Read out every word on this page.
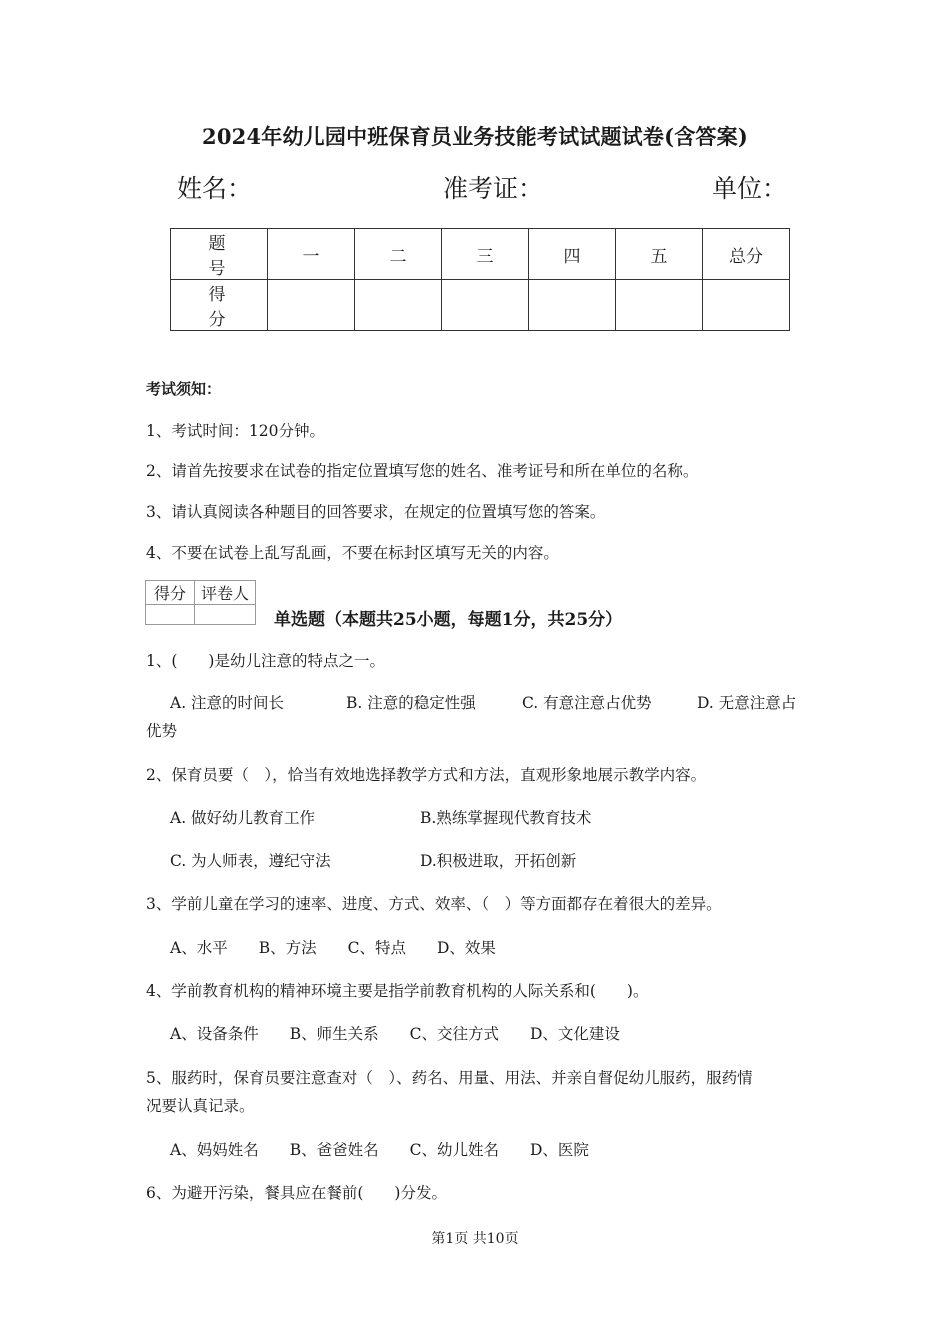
2024年幼儿园中班保育员业务技能考试试题试卷(含答案)
姓名：	准考证：	单位：
题　号	一	二	三	四	五	总分
得　分						
考试须知：
1、考试时间：120分钟。
2、请首先按要求在试卷的指定位置填写您的姓名、准考证号和所在单位的名称。
3、请认真阅读各种题目的回答要求，在规定的位置填写您的答案。
4、不要在试卷上乱写乱画，不要在标封区填写无关的内容。
得分	评卷人

单选题（本题共25小题，每题1分，共25分）
1、(　　)是幼儿注意的特点之一。
A. 注意的时间长	B. 注意的稳定性强	C. 有意注意占优势	D. 无意注意占
优势
2、保育员要（　），恰当有效地选择教学方式和方法，直观形象地展示教学内容。
A. 做好幼儿教育工作	B.熟练掌握现代教育技术
C. 为人师表，遵纪守法	D.积极进取，开拓创新
3、学前儿童在学习的速率、进度、方式、效率、（　）等方面都存在着很大的差异。
A、水平　　B、方法　　C、特点　　D、效果
4、学前教育机构的精神环境主要是指学前教育机构的人际关系和(　　)。
A、设备条件　　B、师生关系　　C、交往方式　　D、文化建设
5、服药时，保育员要注意查对（　）、药名、用量、用法、并亲自督促幼儿服药，服药情
况要认真记录。
A、妈妈姓名　　B、爸爸姓名　　C、幼儿姓名　　D、医院
6、为避开污染，餐具应在餐前(　　)分发。
第1页 共10页
